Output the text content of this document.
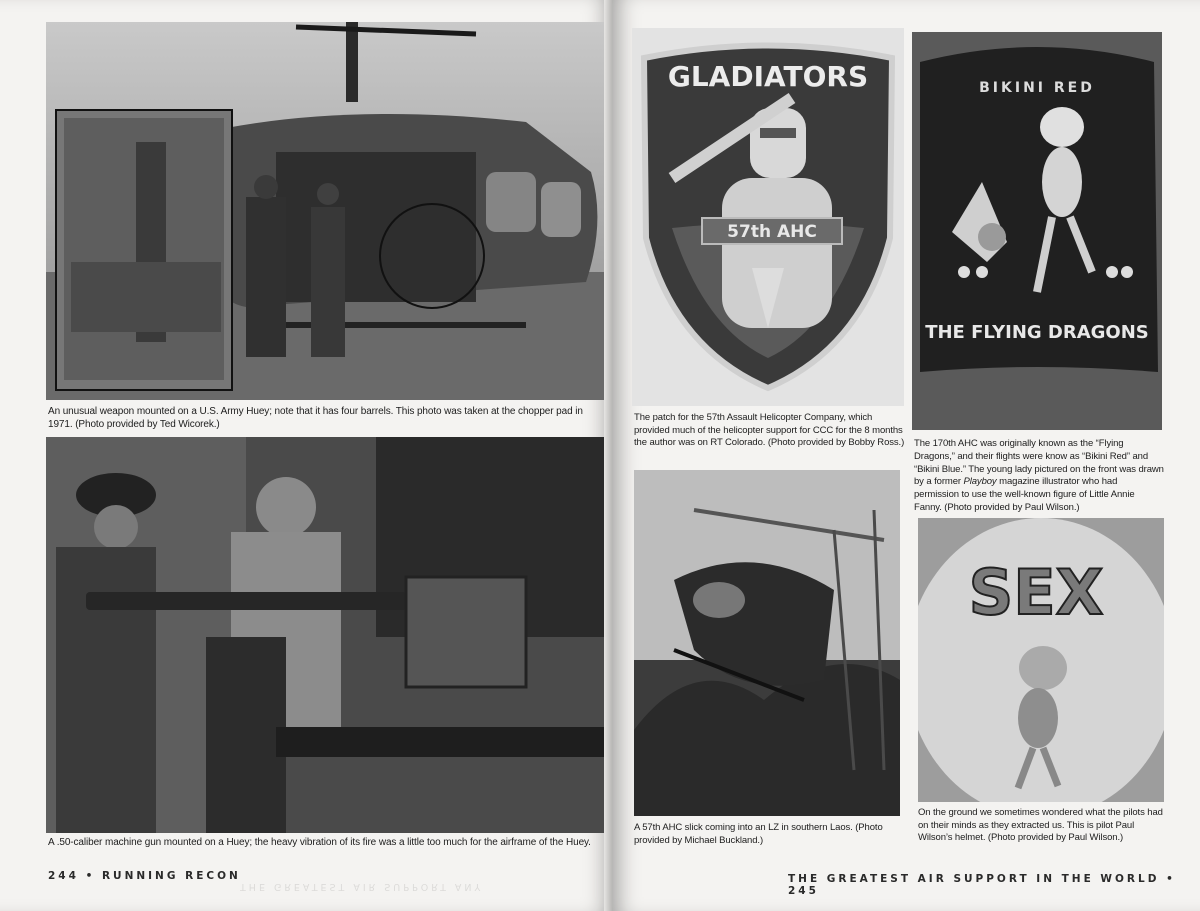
An unusual weapon mounted on a U.S. Army Huey; note that it has four barrels. This photo was taken at the chopper pad in 1971. (Photo provided by Ted Wicorek.)
A .50-caliber machine gun mounted on a Huey; the heavy vibration of its fire was a little too much for the airframe of the Huey.
244 • RUNNING RECON
THE GREATEST AIR SUPPORT ANY
57th AHC
GLADIATORS
The patch for the 57th Assault Helicopter Company, which provided much of the helicopter support for CCC for the 8 months the author was on RT Colorado. (Photo provided by Bobby Ross.)
BIKINI RED
THE FLYING DRAGONS
The 170th AHC was originally known as the “Flying Dragons,” and their flights were know as “Bikini Red” and “Bikini Blue.” The young lady pictured on the front was drawn by a former Playboy magazine illustrator who had permission to use the well-known figure of Little Annie Fanny. (Photo provided by Paul Wilson.)
A 57th AHC slick coming into an LZ in southern Laos. (Photo provided by Michael Buckland.)
SEX
On the ground we sometimes wondered what the pilots had on their minds as they extracted us. This is pilot Paul Wilson’s helmet. (Photo provided by Paul Wilson.)
THE GREATEST AIR SUPPORT IN THE WORLD • 245
